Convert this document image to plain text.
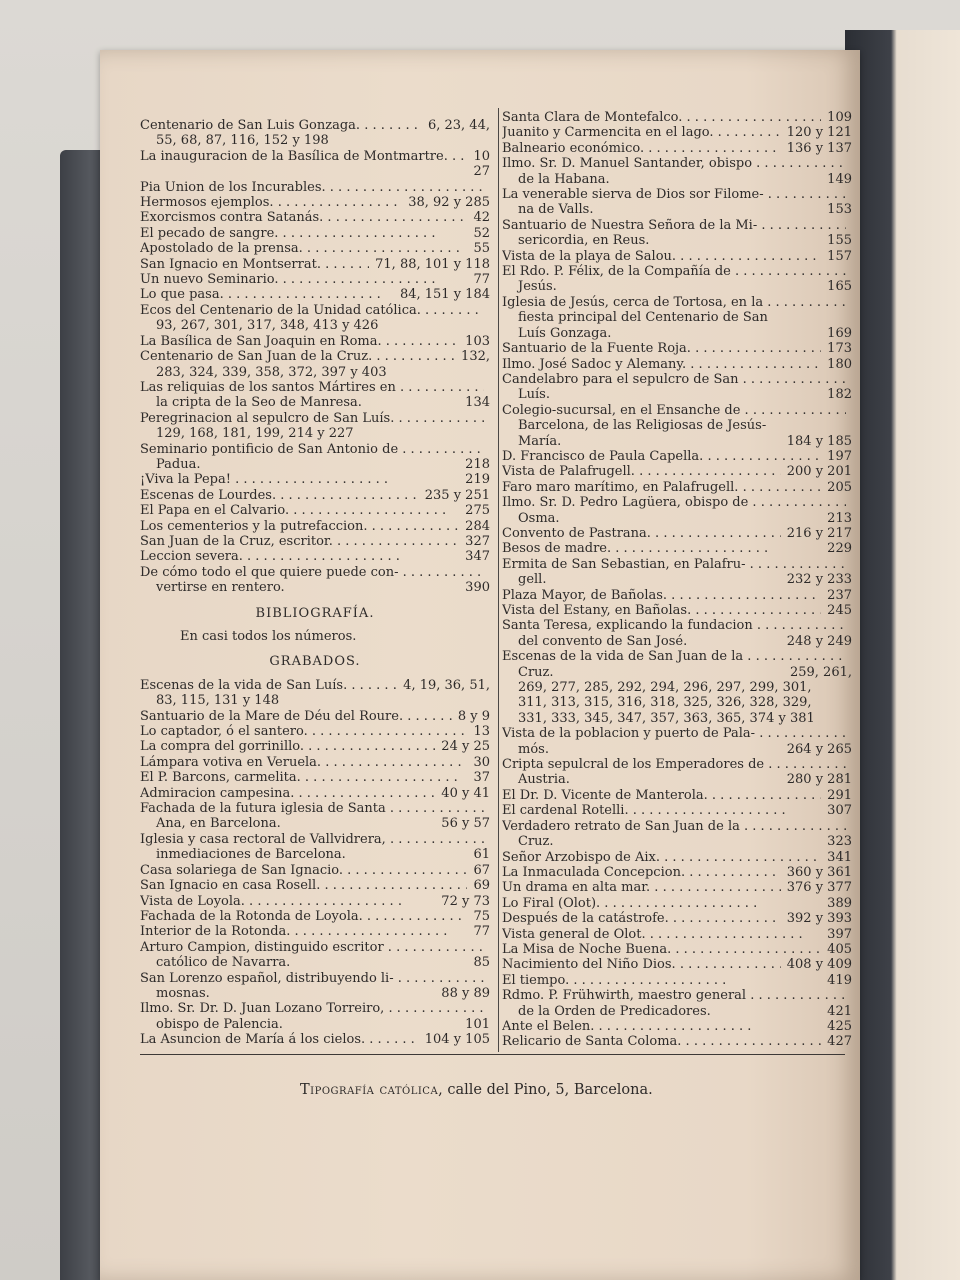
Centenario de San Luis Gonzaga. . . .	6, 23, 44,
55, 68, 87, 116, 152 y 198
La inauguracion de la Basílica de Montmartre. . . .	10
27
Pia Union de los Incurables. . . .
Hermosos ejemplos. . . .	38, 92 y 285
Exorcismos contra Satanás. . . .	42
El pecado de sangre. . . .	52
Apostolado de la prensa. . . .	55
San Ignacio en Montserrat. . . .	71, 88, 101 y 118
Un nuevo Seminario. . . .	77
Lo que pasa. . . .	84, 151 y 184
Ecos del Centenario de la Unidad católica. . . .
93, 267, 301, 317, 348, 413 y 426
La Basílica de San Joaquin en Roma. . . .	103
Centenario de San Juan de la Cruz. . . .	132,
283, 324, 339, 358, 372, 397 y 403
Las reliquias de los santos Mártires en . . .
la cripta de la Seo de Manresa.	134
Peregrinacion al sepulcro de San Luís. . . .
129, 168, 181, 199, 214 y 227
Seminario pontificio de San Antonio de . . .
Padua.	218
¡Viva la Pepa! . . .	219
Escenas de Lourdes. . . .	235 y 251
El Papa en el Calvario. . . .	275
Los cementerios y la putrefaccion. . . .	284
San Juan de la Cruz, escritor. . . .	327
Leccion severa. . . .	347
De cómo todo el que quiere puede con- . . .
vertirse en rentero.	390
BIBLIOGRAFÍA.
En casi todos los números.
GRABADOS.
Escenas de la vida de San Luís. . . .	4, 19, 36, 51,
83, 115, 131 y 148
Santuario de la Mare de Déu del Roure. . . .	8 y 9
Lo captador, ó el santero. . . .	13
La compra del gorrinillo. . . .	24 y 25
Lámpara votiva en Veruela. . . .	30
El P. Barcons, carmelita. . . .	37
Admiracion campesina. . . .	40 y 41
Fachada de la futura iglesia de Santa . . .
Ana, en Barcelona.	56 y 57
Iglesia y casa rectoral de Vallvidrera, . . .
inmediaciones de Barcelona.	61
Casa solariega de San Ignacio. . . .	67
San Ignacio en casa Rosell. . . .	69
Vista de Loyola. . . .	72 y 73
Fachada de la Rotonda de Loyola. . . .	75
Interior de la Rotonda. . . .	77
Arturo Campion, distinguido escritor . . .
católico de Navarra.	85
San Lorenzo español, distribuyendo li- . . .
mosnas.	88 y 89
Ilmo. Sr. Dr. D. Juan Lozano Torreiro, . . .
obispo de Palencia.	101
La Asuncion de María á los cielos. . . .	104 y 105
Santa Clara de Montefalco. . . .	109
Juanito y Carmencita en el lago. . . .	120 y 121
Balneario económico. . . .	136 y 137
Ilmo. Sr. D. Manuel Santander, obispo . . .
de la Habana.	149
La venerable sierva de Dios sor Filome- . . .
na de Valls.	153
Santuario de Nuestra Señora de la Mi- . . .
sericordia, en Reus.	155
Vista de la playa de Salou. . . .	157
El Rdo. P. Félix, de la Compañía de . . .
Jesús.	165
Iglesia de Jesús, cerca de Tortosa, en la . . .
fiesta principal del Centenario de San
Luís Gonzaga.	169
Santuario de la Fuente Roja. . . .	173
Ilmo. José Sadoc y Alemany. . . .	180
Candelabro para el sepulcro de San . . .
Luís.	182
Colegio-sucursal, en el Ensanche de . . .
Barcelona, de las Religiosas de Jesús-
María.	184 y 185
D. Francisco de Paula Capella. . . .	197
Vista de Palafrugell. . . .	200 y 201
Faro maro marítimo, en Palafrugell. . . .	205
Ilmo. Sr. D. Pedro Lagüera, obispo de . . .
Osma.	213
Convento de Pastrana. . . .	216 y 217
Besos de madre. . . .	229
Ermita de San Sebastian, en Palafru- . . .
gell.	232 y 233
Plaza Mayor, de Bañolas. . . .	237
Vista del Estany, en Bañolas. . . .	245
Santa Teresa, explicando la fundacion . . .
del convento de San José.	248 y 249
Escenas de la vida de San Juan de la . . .
Cruz.	259, 261,
269, 277, 285, 292, 294, 296, 297, 299, 301,
311, 313, 315, 316, 318, 325, 326, 328, 329,
331, 333, 345, 347, 357, 363, 365, 374 y 381
Vista de la poblacion y puerto de Pala- . . .
mós.	264 y 265
Cripta sepulcral de los Emperadores de . . .
Austria.	280 y 281
El Dr. D. Vicente de Manterola. . . .	291
El cardenal Rotelli. . . .	307
Verdadero retrato de San Juan de la . . .
Cruz.	323
Señor Arzobispo de Aix. . . .	341
La Inmaculada Concepcion. . . .	360 y 361
Un drama en alta mar. . . .	376 y 377
Lo Firal (Olot). . . .	389
Después de la catástrofe. . . .	392 y 393
Vista general de Olot. . . .	397
La Misa de Noche Buena. . . .	405
Nacimiento del Niño Dios. . . .	408 y 409
El tiempo. . . .	419
Rdmo. P. Frühwirth, maestro general . . .
de la Orden de Predicadores.	421
Ante el Belen. . . .	425
Relicario de Santa Coloma. . . .	427
Tipografía católica, calle del Pino, 5, Barcelona.
